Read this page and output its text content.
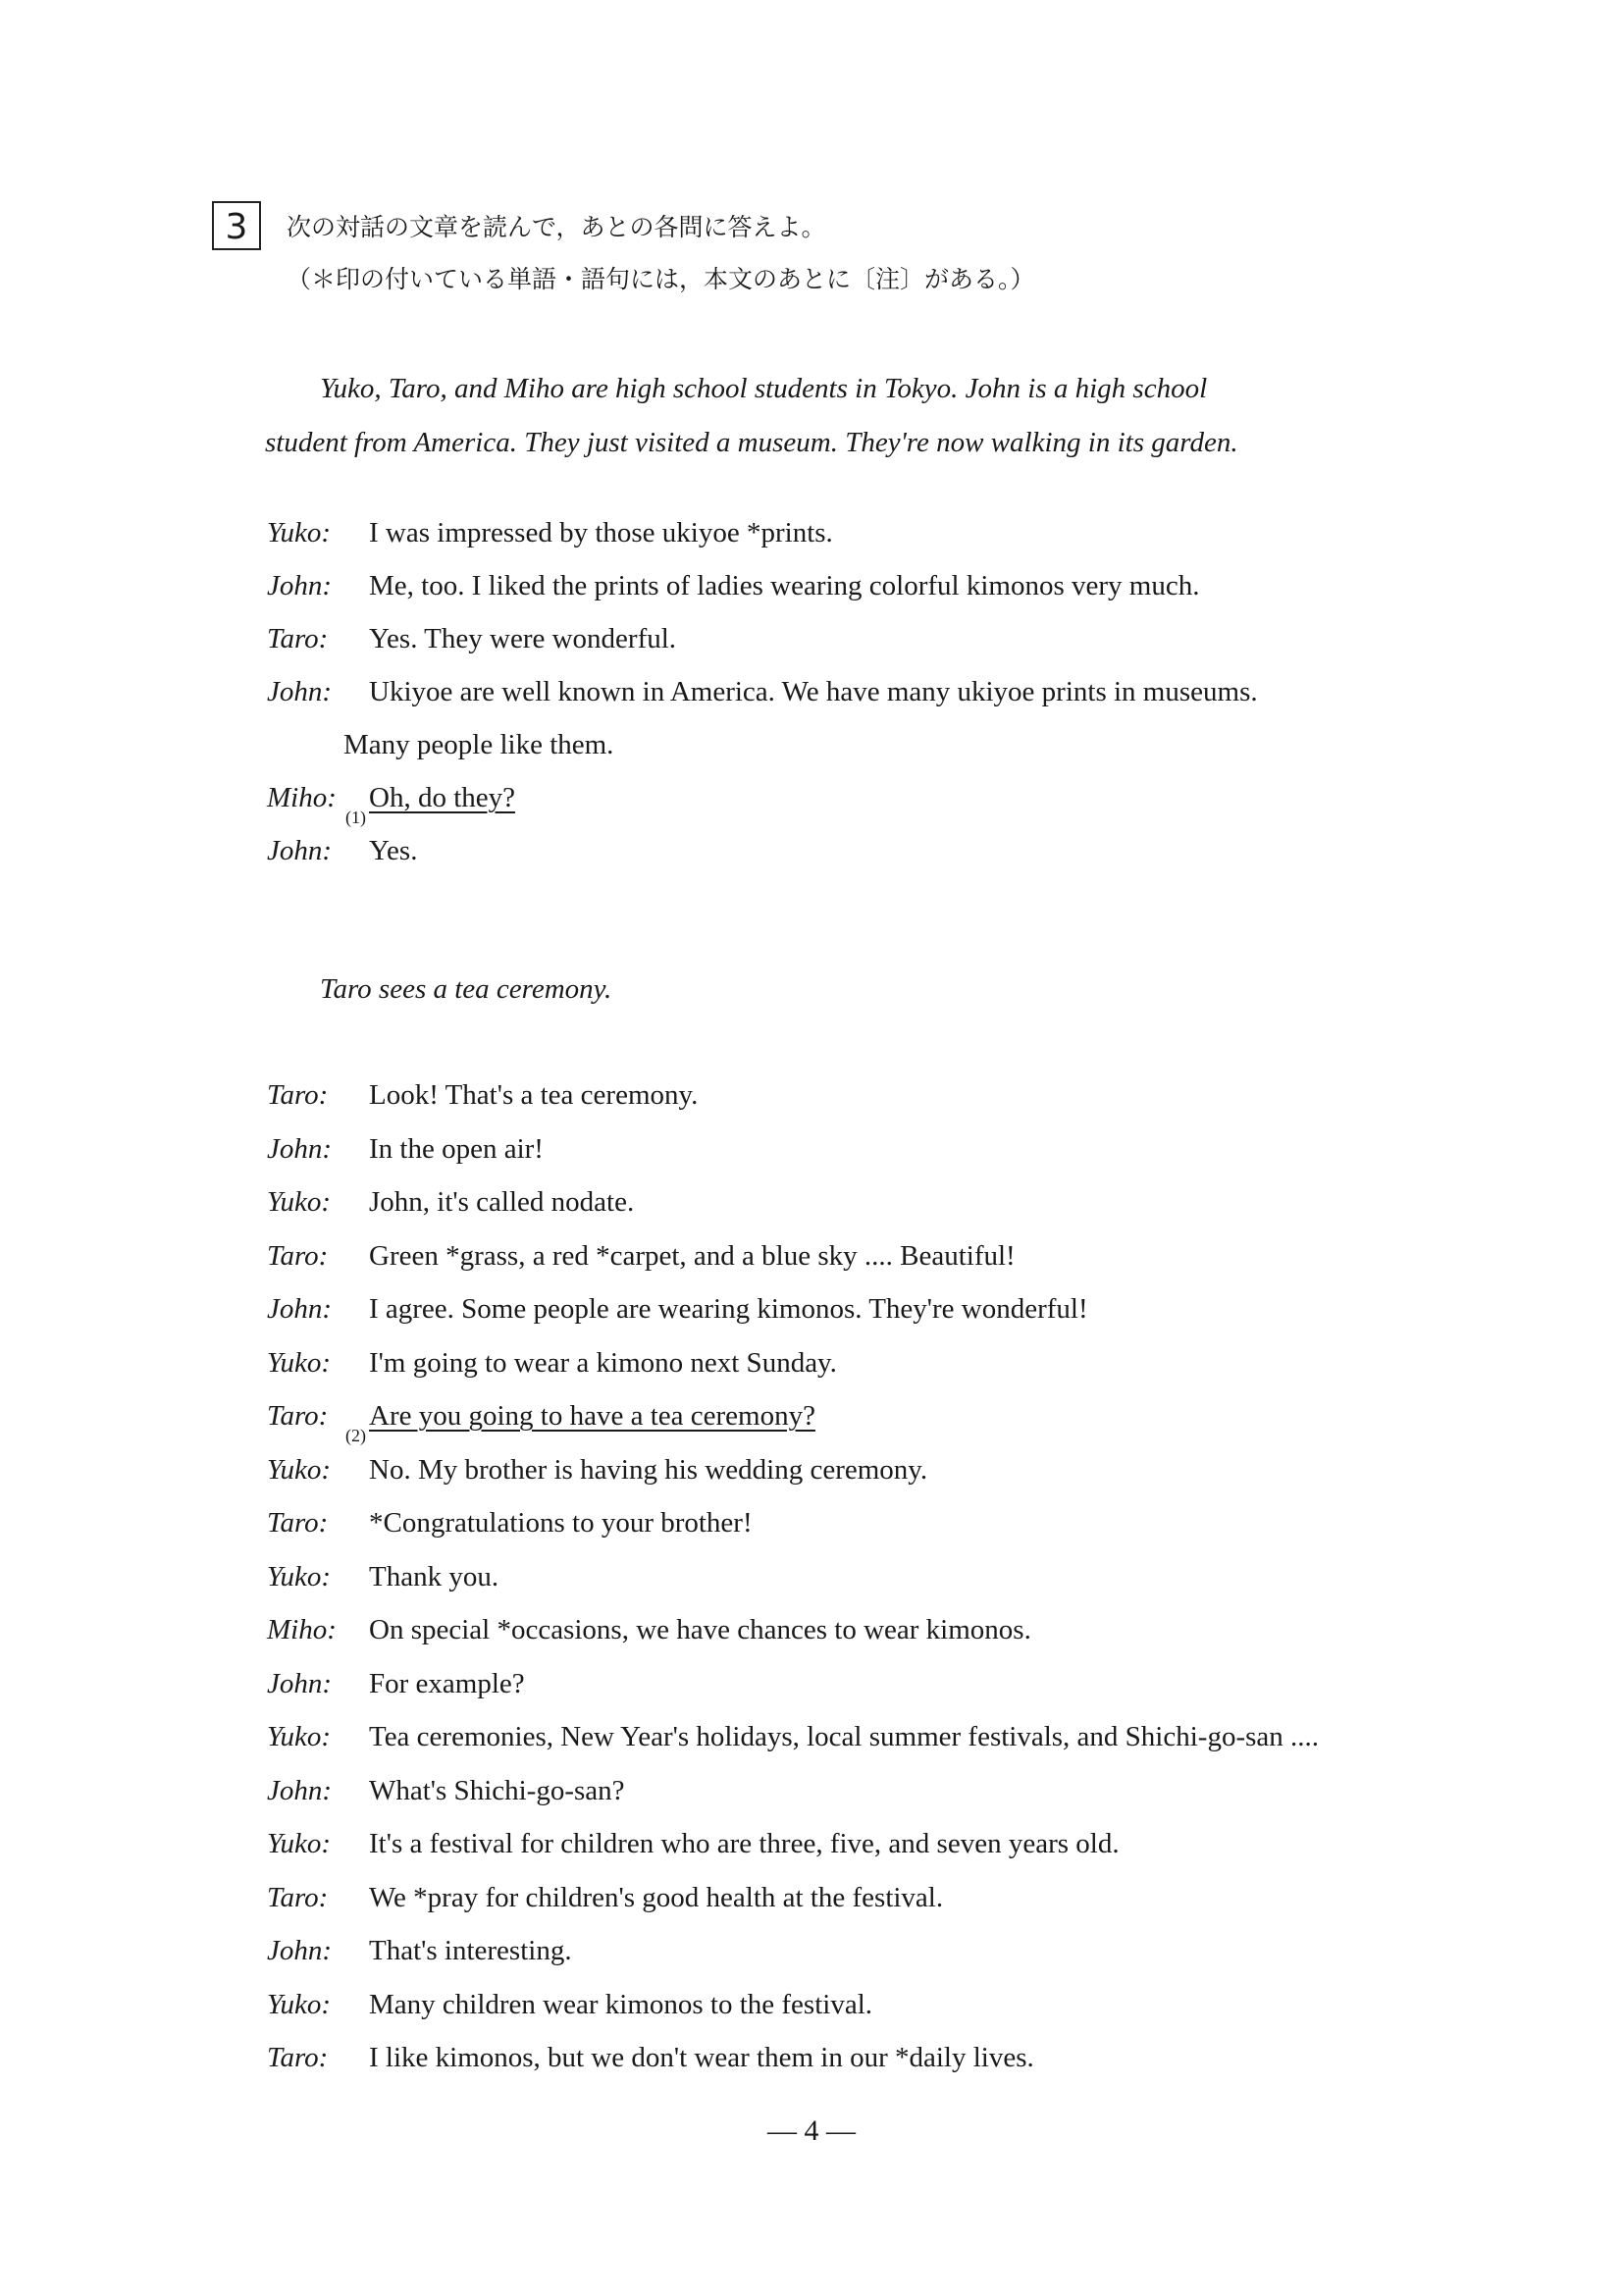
3	次の対話の文章を読んで，あとの各問に答えよ。
（＊印の付いている単語・語句には，本文のあとに〔注〕がある。）
Yuko, Taro, and Miho are high school students in Tokyo. John is a high school
student from America. They just visited a museum. They're now walking in its garden.
Yuko: I was impressed by those ukiyoe *prints.
John: Me, too. I liked the prints of ladies wearing colorful kimonos very much.
Taro: Yes. They were wonderful.
John: Ukiyoe are well known in America. We have many ukiyoe prints in museums.
Many people like them.
Miho: Oh, do they?
(1)
John: Yes.
Taro sees a tea ceremony.
Taro: Look! That's a tea ceremony.
John: In the open air!
Yuko: John, it's called nodate.
Taro: Green *grass, a red *carpet, and a blue sky .... Beautiful!
John: I agree. Some people are wearing kimonos. They're wonderful!
Yuko: I'm going to wear a kimono next Sunday.
Taro: Are you going to have a tea ceremony?
(2)
Yuko: No. My brother is having his wedding ceremony.
Taro: *Congratulations to your brother!
Yuko: Thank you.
Miho: On special *occasions, we have chances to wear kimonos.
John: For example?
Yuko: Tea ceremonies, New Year's holidays, local summer festivals, and Shichi-go-san ....
John: What's Shichi-go-san?
Yuko: It's a festival for children who are three, five, and seven years old.
Taro: We *pray for children's good health at the festival.
John: That's interesting.
Yuko: Many children wear kimonos to the festival.
Taro: I like kimonos, but we don't wear them in our *daily lives.
— 4 —
